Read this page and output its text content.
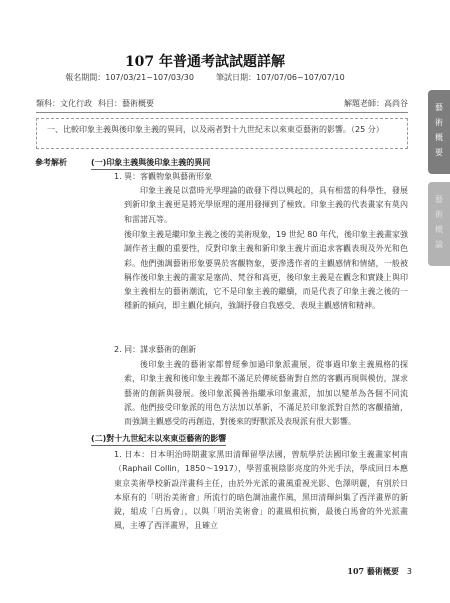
107 年普通考試試題詳解
報名期間：107/03/21~107/03/30	筆試日期：107/07/06~107/07/10
類科：文化行政 科目：藝術概要	解題老師：高尚谷
一、比較印象主義與後印象主義的異同，以及兩者對十九世紀末以來東亞藝術的影響。（25 分）
參考解析	(一)印象主義與後印象主義的異同
1. 異：客觀物象與藝術形象
印象主義是以當時光學理論的啟發下得以興起的，具有相當的科學性，發展到新印象主義更是將光學原理的運用發揮到了極致。印象主義的代表畫家有莫內和雷諾瓦等。
後印象主義是繼印象主義之後的美術現象，19 世紀 80 年代，後印象主義畫家強調作者主觀的重要性，反對印象主義和新印象主義片面追求客觀表現及外光和色彩。他們強調藝術形象要異於客觀物象，要滲透作者的主觀感情和情緒，一般被稱作後印象主義的畫家是塞尚、梵谷和高更，後印象主義是在觀念和實踐上與印象主義相左的藝術潮流，它不是印象主義的繼續，而是代表了印象主義之後的一種新的傾向，即主觀化傾向，強調抒發自我感受、表現主觀感情和精神。
2. 同：謀求藝術的創新
後印象主義的藝術家都曾經參加過印象派畫展，從事過印象主義風格的探索，印象主義和後印象主義都不滿足於傳統藝術對自然的客觀再現與模仿，謀求藝術的創新與發展。後印象派獨善指繼承印象畫派，加加以變革為各個不同流派。他們接受印象派的用色方法加以革新，不滿足於印象派對自然的客觀描繪，而強調主觀感受的再創造，對後來的野獸派及表現派有很大影響。
(二)對十九世紀末以來東亞藝術的影響
1. 日本：日本明治時期畫家黑田清輝留學法國，曾航學於法國印象主義畫家柯南（Raphail Collin，1850～1917），學習重視陰影亮度的外光手法，學成回日本應東京美術學校新設洋畫科主任，由於外光派的畫風重視光影、色澤明麗，有別於日本原有的「明治美術會」所流行的暗色調油畫作風，黑田清輝糾集了西洋畫界的新銳，組成「白馬會」，以與「明治美術會」的畫風相抗衡，最後白馬會的外光派畫風，主導了西洋畫界，且確立
藝
術
概
要
藝
術
概
論
107 藝術概要 3
